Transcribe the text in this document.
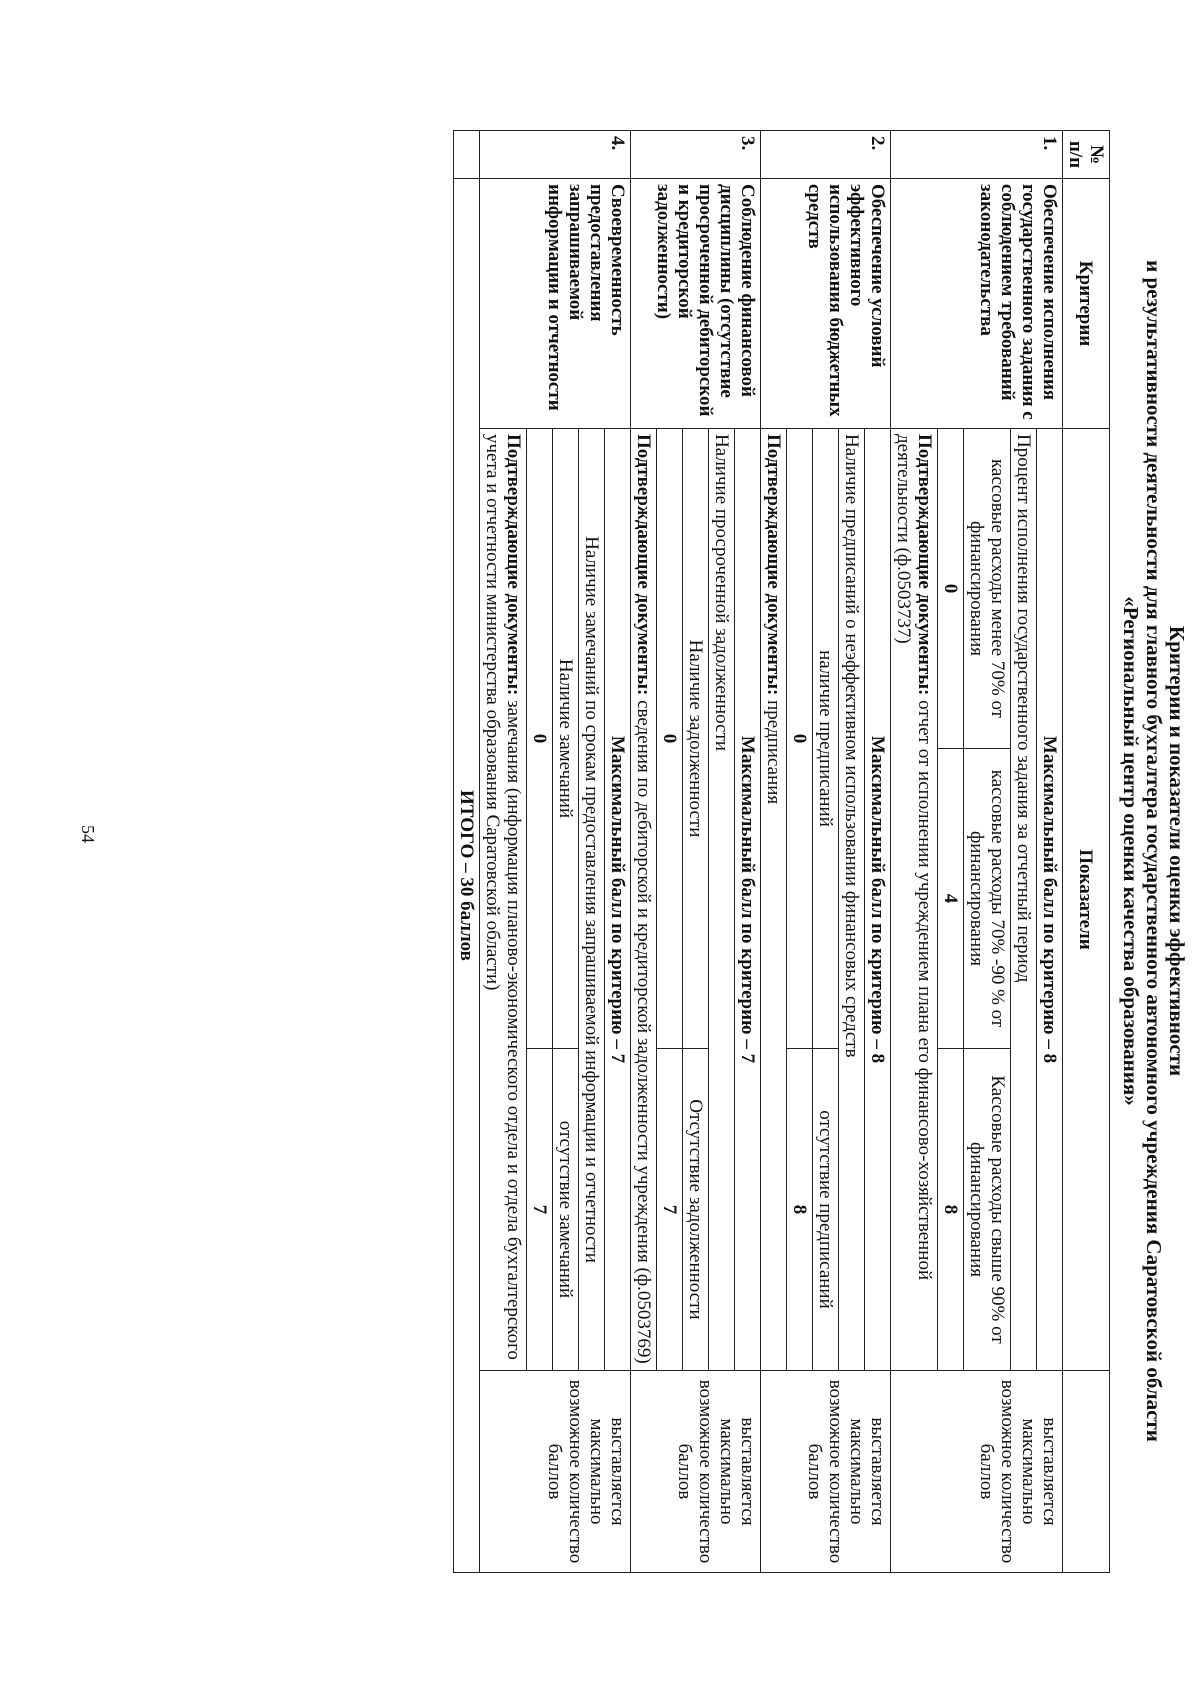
Критерии и показатели оценки эффективности
и результативности деятельности для главного бухгалтера государственного автономного учреждения Саратовской области
«Региональный центр оценки качества образования»
№ п/п	Критерии	Показатели			
1.	Обеспечение исполнения государственного задания с соблюдением требований законодательства	Максимальный балл по критерию – 8			выставляется максимально возможное количество баллов
		Процент исполнения государственного задания за отчетный период			
		кассовые расходы менее 70% от финансирования	кассовые расходы 70% -90 % от финансирования	Кассовые расходы свыше 90% от финансирования	
		0	4	8	
		Подтверждающие документы: отчет от исполнении учреждением плана его финансово-хозяйственной деятельности (ф.0503737)			
2.	Обеспечение условий эффективного использования бюджетных средств	Максимальный балл по критерию – 8			выставляется максимально возможное количество баллов
		Наличие предписаний о неэффективном использовании финансовых средств			
		наличие предписаний		отсутствие предписаний	
		0		8	
		Подтверждающие документы: предписания			
3.	Соблюдение финансовой дисциплины (отсутствие просроченной дебиторской и кредиторской задолженности)	Максимальный балл по критерию – 7			выставляется максимально возможное количество баллов
		Наличие просроченной задолженности			
		Наличие задолженности		Отсутствие задолженности	
		0		7	
		Подтверждающие документы: сведения по дебиторской и кредиторской задолженности учреждения (ф.0503769)			
4.	Своевременность предоставления запрашиваемой информации и отчетности	Максимальный балл по критерию – 7			выставляется максимально возможное количество баллов
		Наличие замечаний по срокам предоставления запрашиваемой информации и отчетности			
		Наличие замечаний		отсутствие замечаний	
		0		7	
		Подтверждающие документы: замечания (информация планово-экономического отдела и отдела бухгалтерского учета и отчетности министерства образования Саратовской области)			
	ИТОГО – 30 баллов				
54
